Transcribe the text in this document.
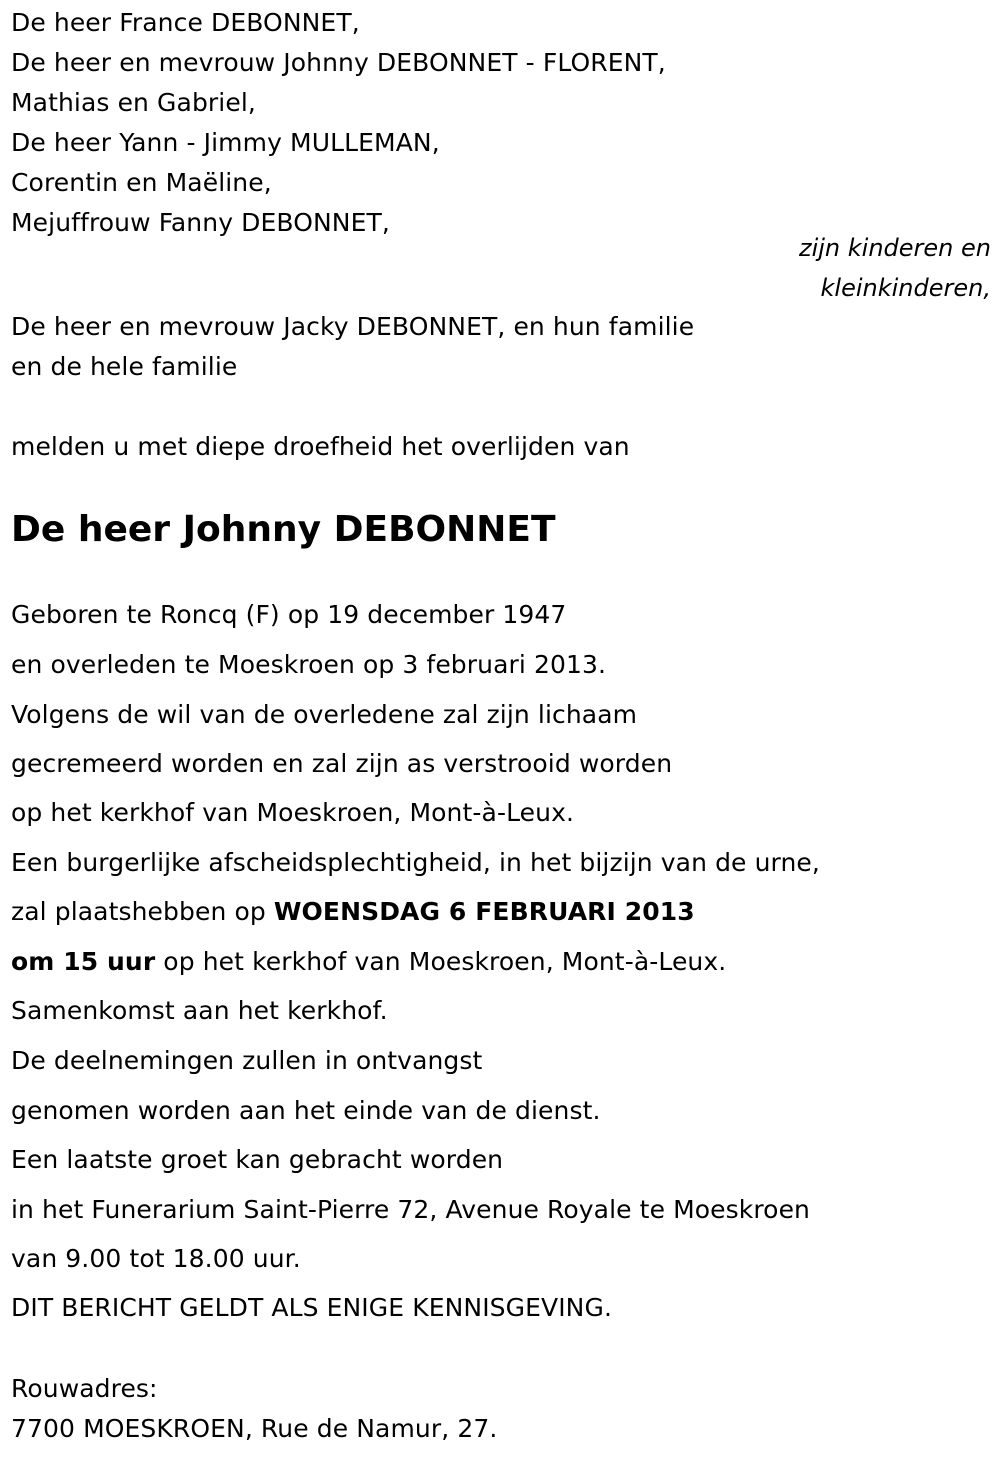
De heer France DEBONNET,
De heer en mevrouw Johnny DEBONNET - FLORENT,
Mathias en Gabriel,
De heer Yann - Jimmy MULLEMAN,
Corentin en Maëline,
Mejuffrouw Fanny DEBONNET,
zijn kinderen en
kleinkinderen,
De heer en mevrouw Jacky DEBONNET, en hun familie
en de hele familie
melden u met diepe droefheid het overlijden van
De heer Johnny DEBONNET
Geboren te Roncq (F) op 19 december 1947
en overleden te Moeskroen op 3 februari 2013.
Volgens de wil van de overledene zal zijn lichaam
gecremeerd worden en zal zijn as verstrooid worden
op het kerkhof van Moeskroen, Mont-à-Leux.
Een burgerlijke afscheidsplechtigheid, in het bijzijn van de urne,
zal plaatshebben op WOENSDAG 6 FEBRUARI 2013
om 15 uur op het kerkhof van Moeskroen, Mont-à-Leux.
Samenkomst aan het kerkhof.
De deelnemingen zullen in ontvangst
genomen worden aan het einde van de dienst.
Een laatste groet kan gebracht worden
in het Funerarium Saint-Pierre 72, Avenue Royale te Moeskroen
van 9.00 tot 18.00 uur.
DIT BERICHT GELDT ALS ENIGE KENNISGEVING.
Rouwadres:
7700 MOESKROEN, Rue de Namur, 27.
